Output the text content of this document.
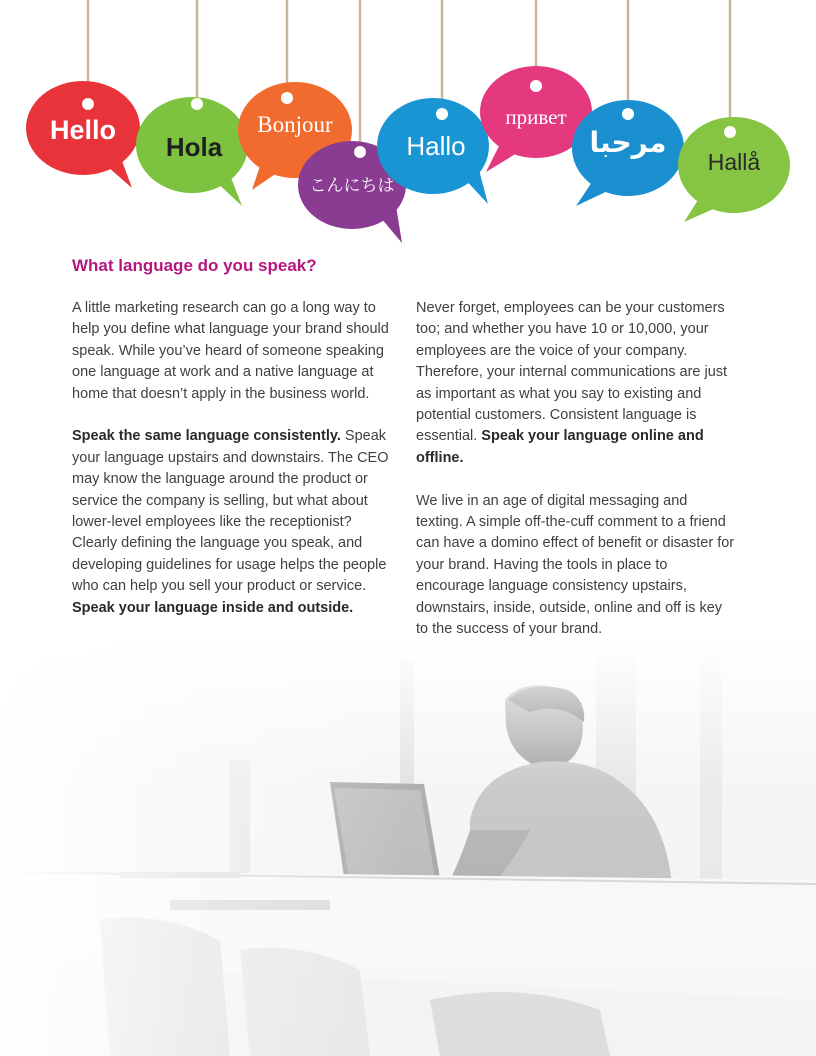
Hello
Hola
Bonjour
こんにちは
Hallo
привет
مرحبا
Hallå
What language do you speak?

A little marketing research can go a long way to help you define what language your brand should speak. While you’ve heard of someone speaking one language at work and a native language at home that doesn’t apply in the business world.

Speak the same language consistently. Speak your language upstairs and downstairs. The CEO may know the language around the product or service the company is selling, but what about lower-level employees like the receptionist? Clearly defining the language you speak, and developing guidelines for usage helps the people who can help you sell your product or service. Speak your language inside and outside.

Never forget, employees can be your customers too; and whether you have 10 or 10,000, your employees are the voice of your company. Therefore, your internal communications are just as important as what you say to existing and potential customers. Consistent language is essential. Speak your language online and offline.

We live in an age of digital messaging and texting. A simple off-the-cuff comment to a friend can have a domino effect of benefit or disaster for your brand. Having the tools in place to encourage language consistency upstairs, downstairs, inside, outside, online and off is key to the success of your brand.
